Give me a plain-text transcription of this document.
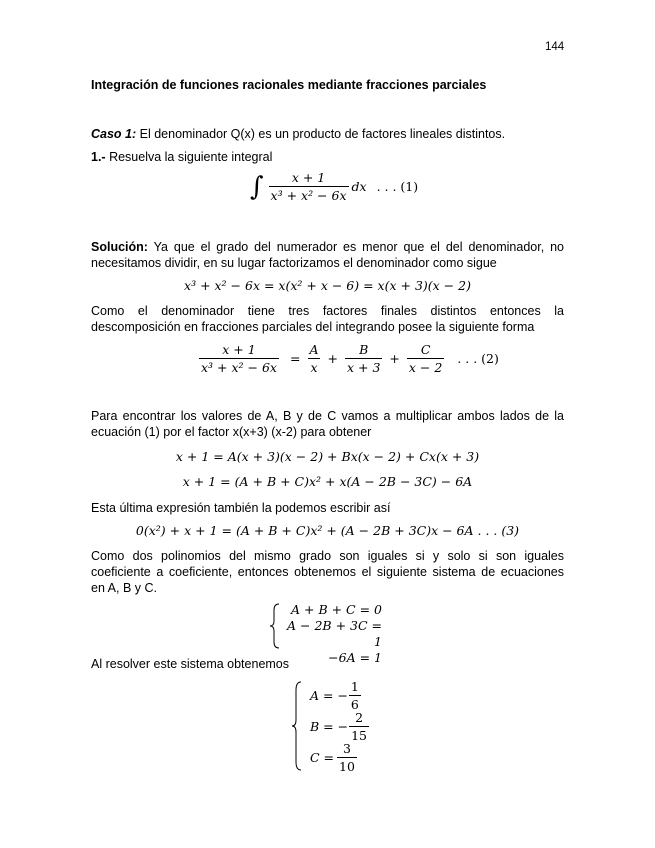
144
Integración de funciones racionales mediante fracciones parciales
Caso 1: El denominador Q(x) es un producto de factores lineales distintos.
1.- Resuelva la siguiente integral
∫ $\frac{x + 1}{\text{x³ + x² − 6x}}$ dx . . . (1)
Solución: Ya que el grado del numerador es menor que el del denominador, no
necesitamos dividir, en su lugar factorizamos el denominador como sigue
x³ + x² − 6x = x(x² + x − 6) = x(x + 3)(x − 2)
Como el denominador tiene tres factores finales distintos entonces la
descomposición en fracciones parciales del integrando posee la siguiente forma
$\frac{x + 1}{\text{x³ + x² − 6x}} = \frac{A}{x} + \frac{B}{x + 3} + \frac{C}{x - 2}$ . . . (2)
Para encontrar los valores de A, B y de C vamos a multiplicar ambos lados de la
ecuación (1) por el factor x(x+3) (x-2) para obtener
x + 1 = A(x + 3)(x − 2) + Bx(x − 2) + Cx(x + 3)
x + 1 = (A + B + C)x² + x(A − 2B − 3C) − 6A
Esta última expresión también la podemos escribir así
0(x²) + x + 1 = (A + B + C)x² + (A − 2B + 3C)x − 6A . . . (3)
Como dos polinomios del mismo grado son iguales si y solo si son iguales
coeficiente a coeficiente, entonces obtenemos el siguiente sistema de ecuaciones
en A, B y C.
A + B + C = 0
A − 2B + 3C = 1
−6A = 1
Al resolver este sistema obtenemos
A = − $\frac{1}{6}$
B = − $\frac{2}{15}$
$C = \frac{3}{10}$
